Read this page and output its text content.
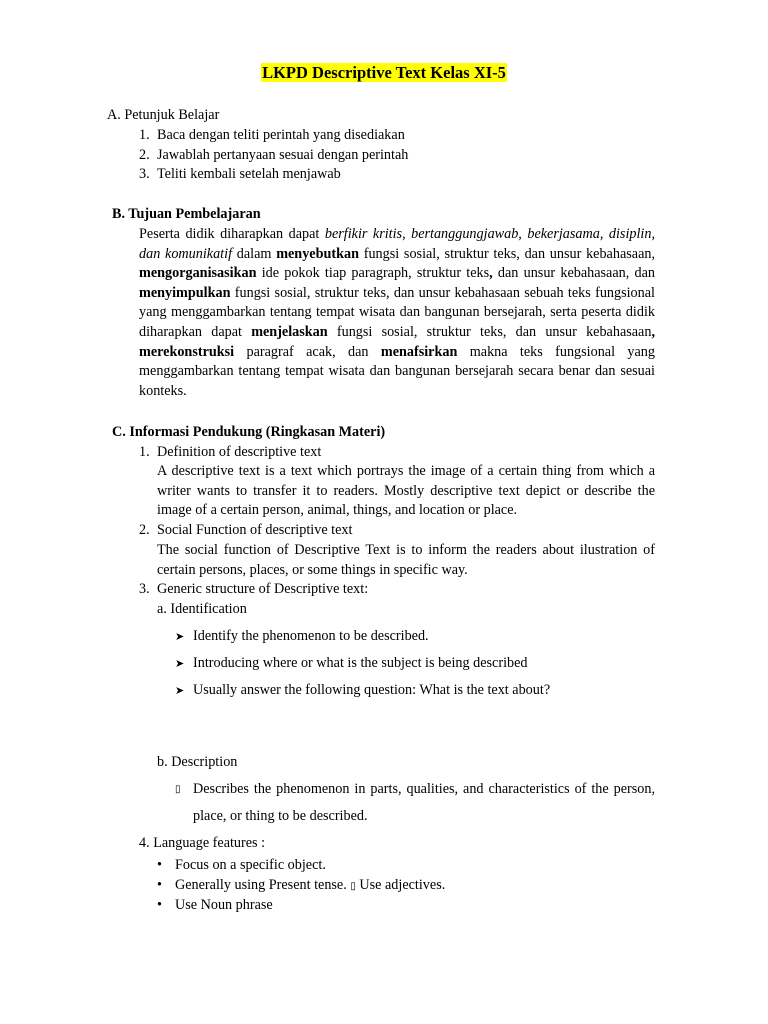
LKPD Descriptive Text Kelas XI-5
A. Petunjuk Belajar
1. Baca dengan teliti perintah yang disediakan
2. Jawablah pertanyaan sesuai dengan perintah
3. Teliti kembali setelah menjawab
B. Tujuan Pembelajaran
Peserta didik diharapkan dapat berfikir kritis, bertanggungjawab, bekerjasama, disiplin, dan komunikatif dalam menyebutkan fungsi sosial, struktur teks, dan unsur kebahasaan, mengorganisasikan ide pokok tiap paragraph, struktur teks, dan unsur kebahasaan, dan menyimpulkan fungsi sosial, struktur teks, dan unsur kebahasaan sebuah teks fungsional yang menggambarkan tentang tempat wisata dan bangunan bersejarah, serta peserta didik diharapkan dapat menjelaskan fungsi sosial, struktur teks, dan unsur kebahasaan, merekonstruksi paragraf acak, dan menafsirkan makna teks fungsional yang menggambarkan tentang tempat wisata dan bangunan bersejarah secara benar dan sesuai konteks.
C. Informasi Pendukung (Ringkasan Materi)
1. Definition of descriptive text
A descriptive text is a text which portrays the image of a certain thing from which a writer wants to transfer it to readers. Mostly descriptive text depict or describe the image of a certain person, animal, things, and location or place.
2. Social Function of descriptive text
The social function of Descriptive Text is to inform the readers about ilustration of certain persons, places, or some things in specific way.
3. Generic structure of Descriptive text:
a. Identification
➤ Identify the phenomenon to be described.
➤ Introducing where or what is the subject is being described
➤ Usually answer the following question: What is the text about?
b. Description
▯ Describes the phenomenon in parts, qualities, and characteristics of the person, place, or thing to be described.
4. Language features :
• Focus on a specific object.
• Generally using Present tense. ▯ Use adjectives.
• Use Noun phrase
